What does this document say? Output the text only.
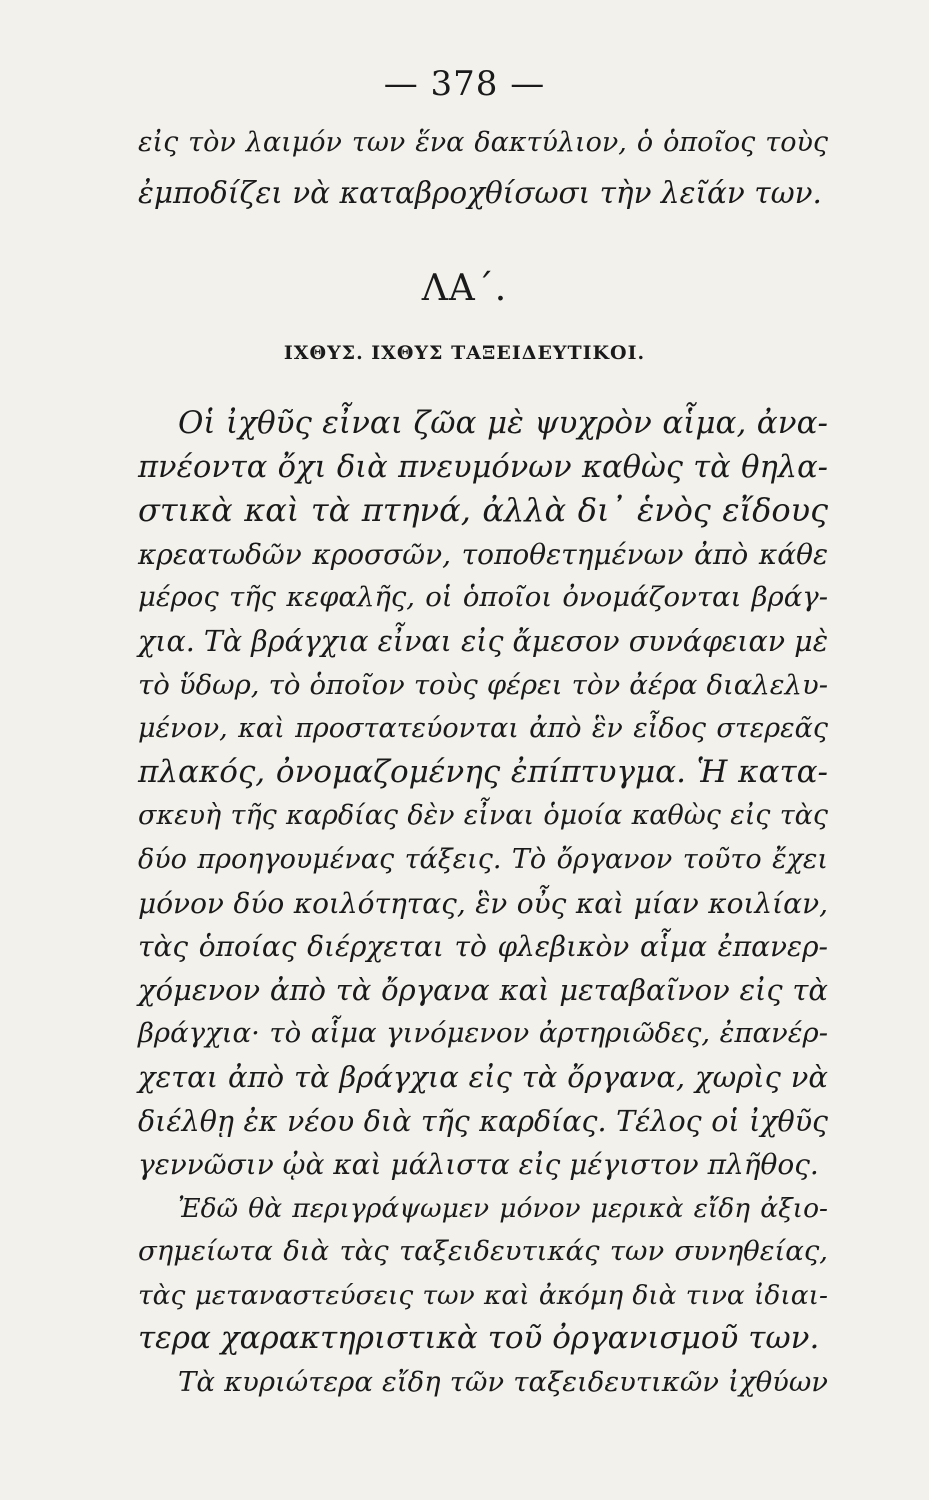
— 378 —
εἰς τὸν λαιμόν των ἕνα δακτύλιον, ὁ ὁποῖος τοὺς
ἐμποδίζει νὰ καταβροχθίσωσι τὴν λεῖάν των.
ΛΑ΄.
ΙΧΘΥΣ. ΙΧΘΥΣ ΤΑΞΕΙΔΕΥΤΙΚΟΙ.
Οἱ ἰχθῦς εἶναι ζῶα μὲ ψυχρὸν αἷμα, ἀνα-
πνέοντα ὄχι διὰ πνευμόνων καθὼς τὰ θηλα-
στικὰ καὶ τὰ πτηνά, ἀλλὰ δι᾽ ἑνὸς εἴδους
κρεατωδῶν κροσσῶν, τοποθετημένων ἀπὸ κάθε
μέρος τῆς κεφαλῆς, οἱ ὁποῖοι ὀνομάζονται βράγ-
χια. Τὰ βράγχια εἶναι εἰς ἄμεσον συνάφειαν μὲ
τὸ ὕδωρ, τὸ ὁποῖον τοὺς φέρει τὸν ἀέρα διαλελυ-
μένον, καὶ προστατεύονται ἀπὸ ἓν εἶδος στερεᾶς
πλακός, ὀνομαζομένης ἐπίπτυγμα. Ἡ κατα-
σκευὴ τῆς καρδίας δὲν εἶναι ὁμοία καθὼς εἰς τὰς
δύο προηγουμένας τάξεις. Τὸ ὄργανον τοῦτο ἔχει
μόνον δύο κοιλότητας, ἓν οὖς καὶ μίαν κοιλίαν,
τὰς ὁποίας διέρχεται τὸ φλεβικὸν αἷμα ἐπανερ-
χόμενον ἀπὸ τὰ ὄργανα καὶ μεταβαῖνον εἰς τὰ
βράγχια· τὸ αἷμα γινόμενον ἀρτηριῶδες, ἐπανέρ-
χεται ἀπὸ τὰ βράγχια εἰς τὰ ὄργανα, χωρὶς νὰ
διέλθῃ ἐκ νέου διὰ τῆς καρδίας. Τέλος οἱ ἰχθῦς
γεννῶσιν ᾠὰ καὶ μάλιστα εἰς μέγιστον πλῆθος.
Ἐδῶ θὰ περιγράψωμεν μόνον μερικὰ εἴδη ἀξιο-
σημείωτα διὰ τὰς ταξειδευτικάς των συνηθείας,
τὰς μεταναστεύσεις των καὶ ἀκόμη διὰ τινα ἰδιαι-
τερα χαρακτηριστικὰ τοῦ ὀργανισμοῦ των.
Τὰ κυριώτερα εἴδη τῶν ταξειδευτικῶν ἰχθύων
